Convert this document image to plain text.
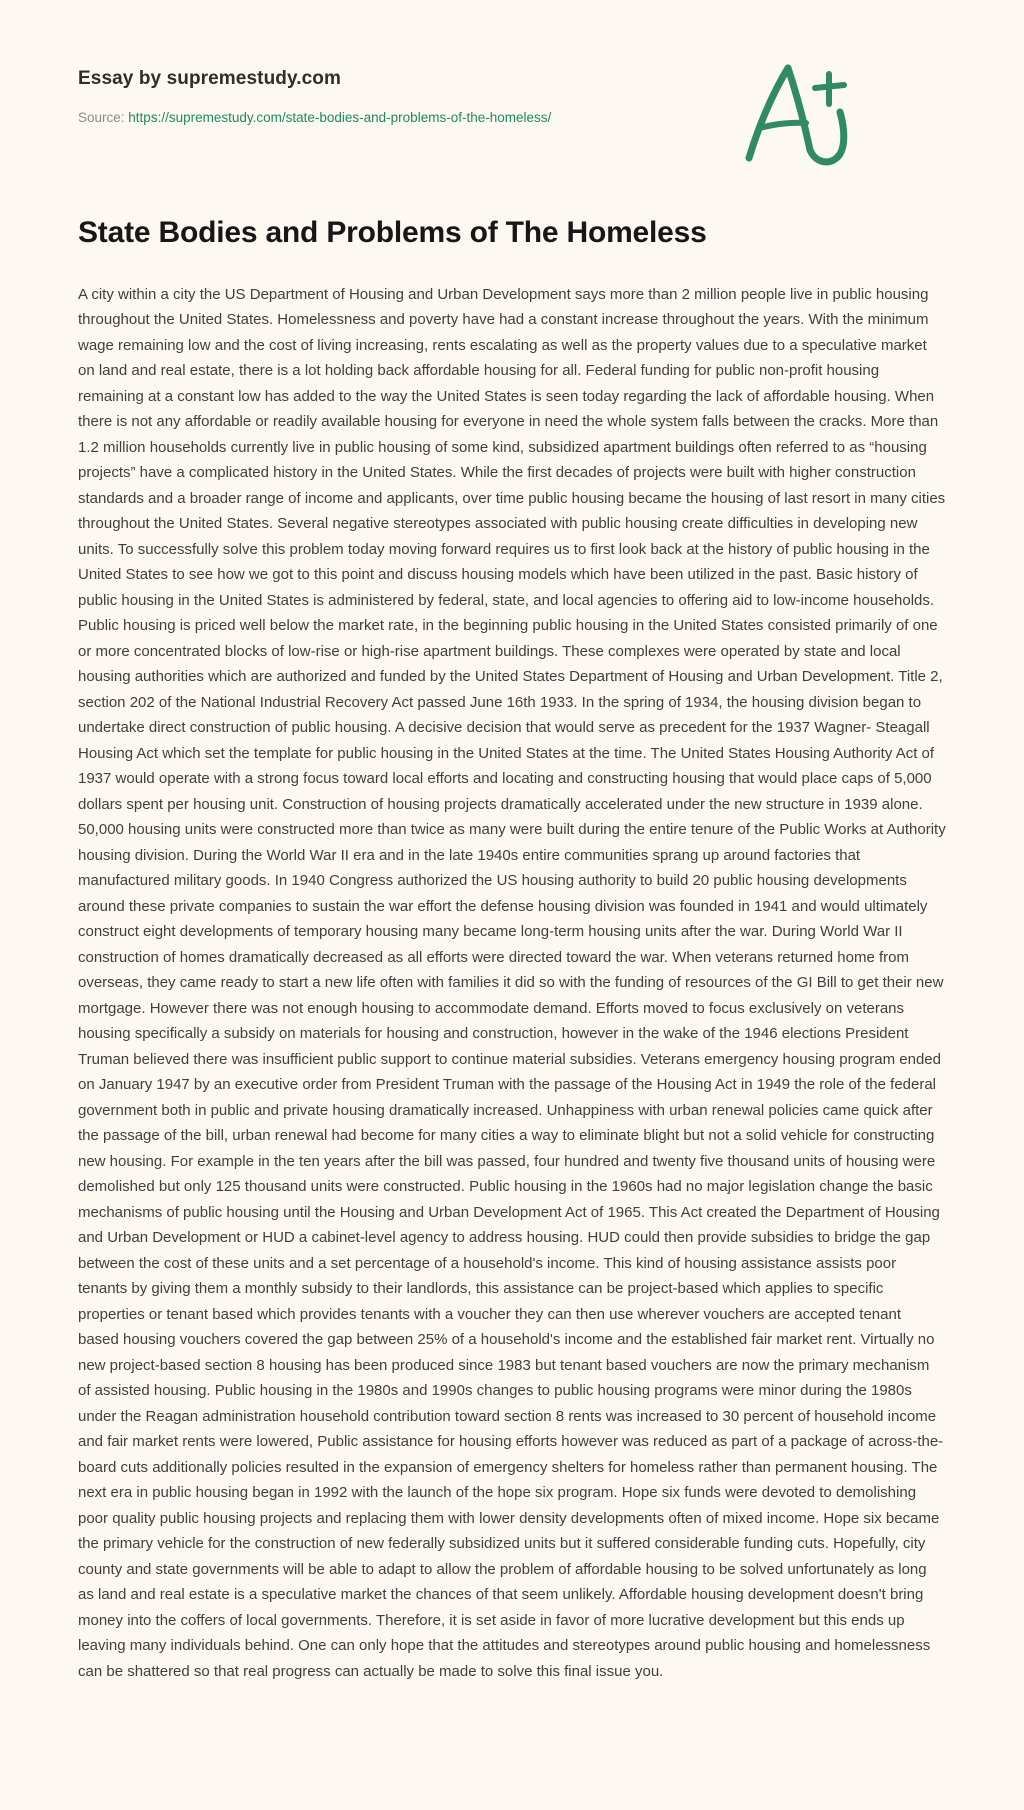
Essay by supremestudy.com
Source: https://supremestudy.com/state-bodies-and-problems-of-the-homeless/
State Bodies and Problems of The Homeless

A city within a city the US Department of Housing and Urban Development says more than 2 million people live in public housing throughout the United States. Homelessness and poverty have had a constant increase throughout the years. With the minimum wage remaining low and the cost of living increasing, rents escalating as well as the property values due to a speculative market on land and real estate, there is a lot holding back affordable housing for all. Federal funding for public non-profit housing remaining at a constant low has added to the way the United States is seen today regarding the lack of affordable housing. When there is not any affordable or readily available housing for everyone in need the whole system falls between the cracks. More than 1.2 million households currently live in public housing of some kind, subsidized apartment buildings often referred to as “housing projects” have a complicated history in the United States. While the first decades of projects were built with higher construction standards and a broader range of income and applicants, over time public housing became the housing of last resort in many cities throughout the United States. Several negative stereotypes associated with public housing create difficulties in developing new units. To successfully solve this problem today moving forward requires us to first look back at the history of public housing in the United States to see how we got to this point and discuss housing models which have been utilized in the past. Basic history of public housing in the United States is administered by federal, state, and local agencies to offering aid to low-income households. Public housing is priced well below the market rate, in the beginning public housing in the United States consisted primarily of one or more concentrated blocks of low-rise or high-rise apartment buildings. These complexes were operated by state and local housing authorities which are authorized and funded by the United States Department of Housing and Urban Development. Title 2, section 202 of the National Industrial Recovery Act passed June 16th 1933. In the spring of 1934, the housing division began to undertake direct construction of public housing. A decisive decision that would serve as precedent for the 1937 Wagner- Steagall Housing Act which set the template for public housing in the United States at the time. The United States Housing Authority Act of 1937 would operate with a strong focus toward local efforts and locating and constructing housing that would place caps of 5,000 dollars spent per housing unit. Construction of housing projects dramatically accelerated under the new structure in 1939 alone. 50,000 housing units were constructed more than twice as many were built during the entire tenure of the Public Works at Authority housing division. During the World War II era and in the late 1940s entire communities sprang up around factories that manufactured military goods. In 1940 Congress authorized the US housing authority to build 20 public housing developments around these private companies to sustain the war effort the defense housing division was founded in 1941 and would ultimately construct eight developments of temporary housing many became long-term housing units after the war. During World War II construction of homes dramatically decreased as all efforts were directed toward the war. When veterans returned home from overseas, they came ready to start a new life often with families it did so with the funding of resources of the GI Bill to get their new mortgage. However there was not enough housing to accommodate demand. Efforts moved to focus exclusively on veterans housing specifically a subsidy on materials for housing and construction, however in the wake of the 1946 elections President Truman believed there was insufficient public support to continue material subsidies. Veterans emergency housing program ended on January 1947 by an executive order from President Truman with the passage of the Housing Act in 1949 the role of the federal government both in public and private housing dramatically increased. Unhappiness with urban renewal policies came quick after the passage of the bill, urban renewal had become for many cities a way to eliminate blight but not a solid vehicle for constructing new housing. For example in the ten years after the bill was passed, four hundred and twenty five thousand units of housing were demolished but only 125 thousand units were constructed. Public housing in the 1960s had no major legislation change the basic mechanisms of public housing until the Housing and Urban Development Act of 1965. This Act created the Department of Housing and Urban Development or HUD a cabinet-level agency to address housing. HUD could then provide subsidies to bridge the gap between the cost of these units and a set percentage of a household's income. This kind of housing assistance assists poor tenants by giving them a monthly subsidy to their landlords, this assistance can be project-based which applies to specific properties or tenant based which provides tenants with a voucher they can then use wherever vouchers are accepted tenant based housing vouchers covered the gap between 25% of a household's income and the established fair market rent. Virtually no new project-based section 8 housing has been produced since 1983 but tenant based vouchers are now the primary mechanism of assisted housing. Public housing in the 1980s and 1990s changes to public housing programs were minor during the 1980s under the Reagan administration household contribution toward section 8 rents was increased to 30 percent of household income and fair market rents were lowered, Public assistance for housing efforts however was reduced as part of a package of across-the-board cuts additionally policies resulted in the expansion of emergency shelters for homeless rather than permanent housing. The next era in public housing began in 1992 with the launch of the hope six program. Hope six funds were devoted to demolishing poor quality public housing projects and replacing them with lower density developments often of mixed income. Hope six became the primary vehicle for the construction of new federally subsidized units but it suffered considerable funding cuts. Hopefully, city county and state governments will be able to adapt to allow the problem of affordable housing to be solved unfortunately as long as land and real estate is a speculative market the chances of that seem unlikely. Affordable housing development doesn't bring money into the coffers of local governments. Therefore, it is set aside in favor of more lucrative development but this ends up leaving many individuals behind. One can only hope that the attitudes and stereotypes around public housing and homelessness can be shattered so that real progress can actually be made to solve this final issue you.
